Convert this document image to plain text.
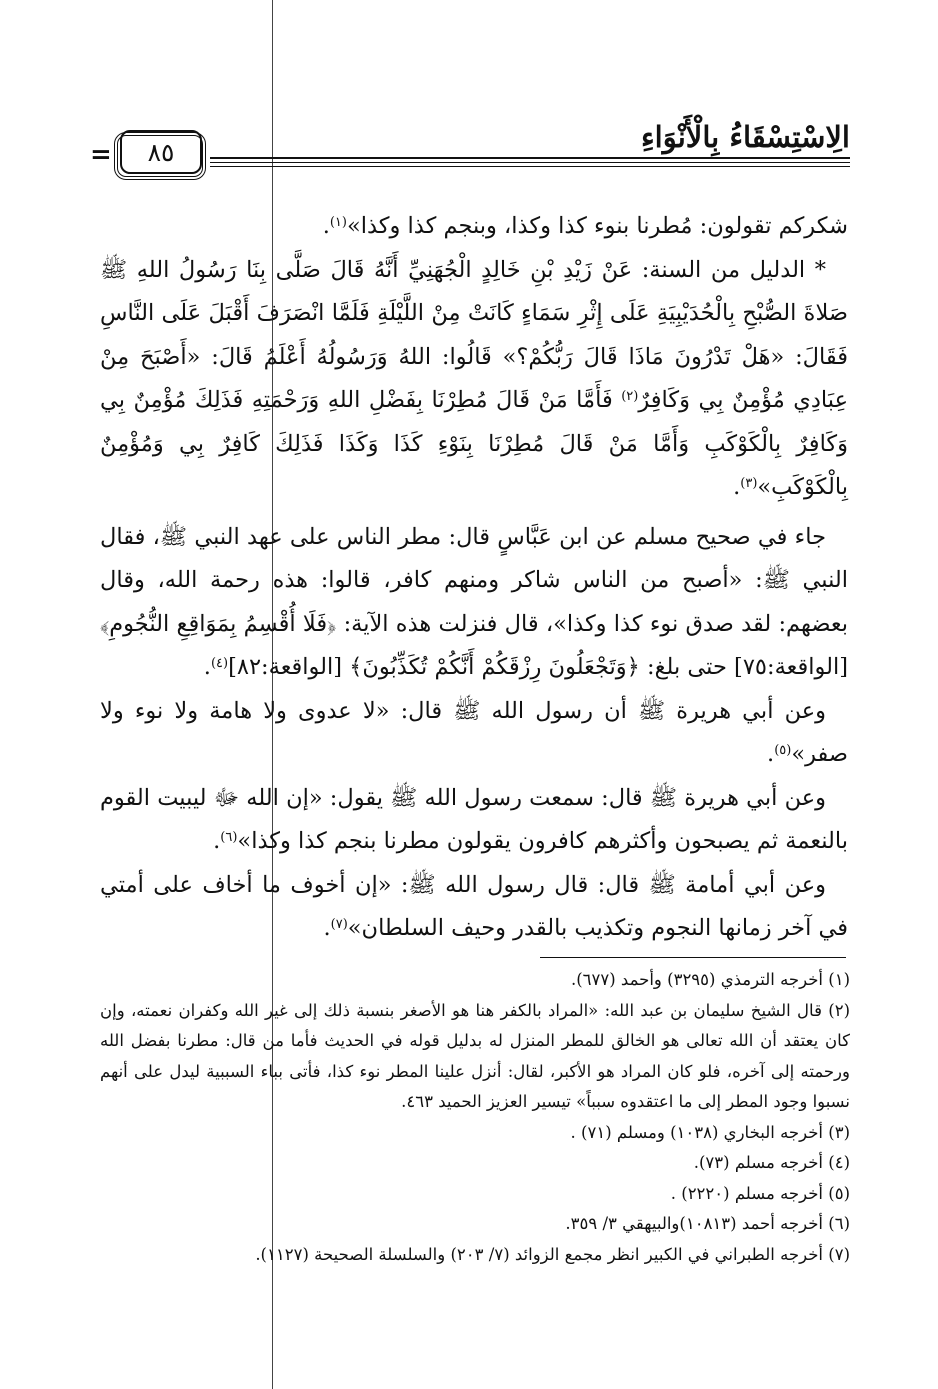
الِاسْتِسْقَاءُ بِالْأَنْوَاءِ
=	٨٥

شكركم تقولون: مُطرنا بنوء كذا وكذا، وبنجم كذا وكذا»$^{(١)}$.

* الدليل من السنة: عَنْ زَيْدِ بْنِ خَالِدٍ الْجُهَنِيِّ أَنَّهُ قَالَ صَلَّى بِنَا رَسُولُ اللهِ ﷺ صَلاةَ الصُّبْحِ بِالْحُدَيْبِيَةِ عَلَى إِثْرِ سَمَاءٍ كَانَتْ مِنْ اللَّيْلَةِ فَلَمَّا انْصَرَفَ أَقْبَلَ عَلَى النَّاسِ فَقَالَ: «هَلْ تَدْرُونَ مَاذَا قَالَ رَبُّكُمْ؟» قَالُوا: اللهُ وَرَسُولُهُ أَعْلَمُ قَالَ: «أَصْبَحَ مِنْ عِبَادِي مُؤْمِنٌ بِي وَكَافِرٌ$^{(٢)}$ فَأَمَّا مَنْ قَالَ مُطِرْنَا بِفَضْلِ اللهِ وَرَحْمَتِهِ فَذَلِكَ مُؤْمِنٌ بِي وَكَافِرٌ بِالْكَوْكَبِ وَأَمَّا مَنْ قَالَ مُطِرْنَا بِنَوْءِ كَذَا وَكَذَا فَذَلِكَ كَافِرٌ بِي وَمُؤْمِنٌ بِالْكَوْكَبِ»$^{(٣)}$.

جاء في صحيح مسلم عن ابن عَبَّاسٍ قال: مطر الناس على عهد النبي ﷺ، فقال النبي ﷺ: «أصبح من الناس شاكر ومنهم كافر، قالوا: هذه رحمة الله، وقال بعضهم: لقد صدق نوء كذا وكذا»، قال فنزلت هذه الآية: ﴿فَلَا أُقْسِمُ بِمَوَاقِعِ النُّجُومِ﴾ [الواقعة:٧٥] حتى بلغ: ﴿وَتَجْعَلُونَ رِزْقَكُمْ أَنَّكُمْ تُكَذِّبُونَ﴾ [الواقعة:٨٢]$^{(٤)}$.

وعن أبي هريرة ﷺ أن رسول الله ﷺ قال: «لا عدوى ولا هامة ولا نوء ولا صفر»$^{(٥)}$.

وعن أبي هريرة ﷺ قال: سمعت رسول الله ﷺ يقول: «إن الله ﷻ ليبيت القوم بالنعمة ثم يصبحون وأكثرهم كافرون يقولون مطرنا بنجم كذا وكذا»$^{(٦)}$.

وعن أبي أمامة ﷺ قال: قال رسول الله ﷺ: «إن أخوف ما أخاف على أمتي في آخر زمانها النجوم وتكذيب بالقدر وحيف السلطان»$^{(٧)}$.

(١) أخرجه الترمذي (٣٢٩٥) وأحمد (٦٧٧).

(٢) قال الشيخ سليمان بن عبد الله: «المراد بالكفر هنا هو الأصغر بنسبة ذلك إلى غير الله وكفران نعمته، وإن كان يعتقد أن الله تعالى هو الخالق للمطر المنزل له بدليل قوله في الحديث فأما من قال: مطرنا بفضل الله ورحمته إلى آخره، فلو كان المراد هو الأكبر، لقال: أنزل علينا المطر نوء كذا، فأتى بباء السببية ليدل على أنهم نسبوا وجود المطر إلى ما اعتقدوه سبباً» تيسير العزيز الحميد ٤٦٣.

(٣) أخرجه البخاري (١٠٣٨) ومسلم (٧١) .

(٤) أخرجه مسلم (٧٣).

(٥) أخرجه مسلم (٢٢٢٠) .

(٦) أخرجه أحمد (١٠٨١٣)والبيهقي ٣/ ٣٥٩.

(٧) أخرجه الطبراني في الكبير انظر مجمع الزوائد (٧/ ٢٠٣) والسلسلة الصحيحة (١١٢٧).
